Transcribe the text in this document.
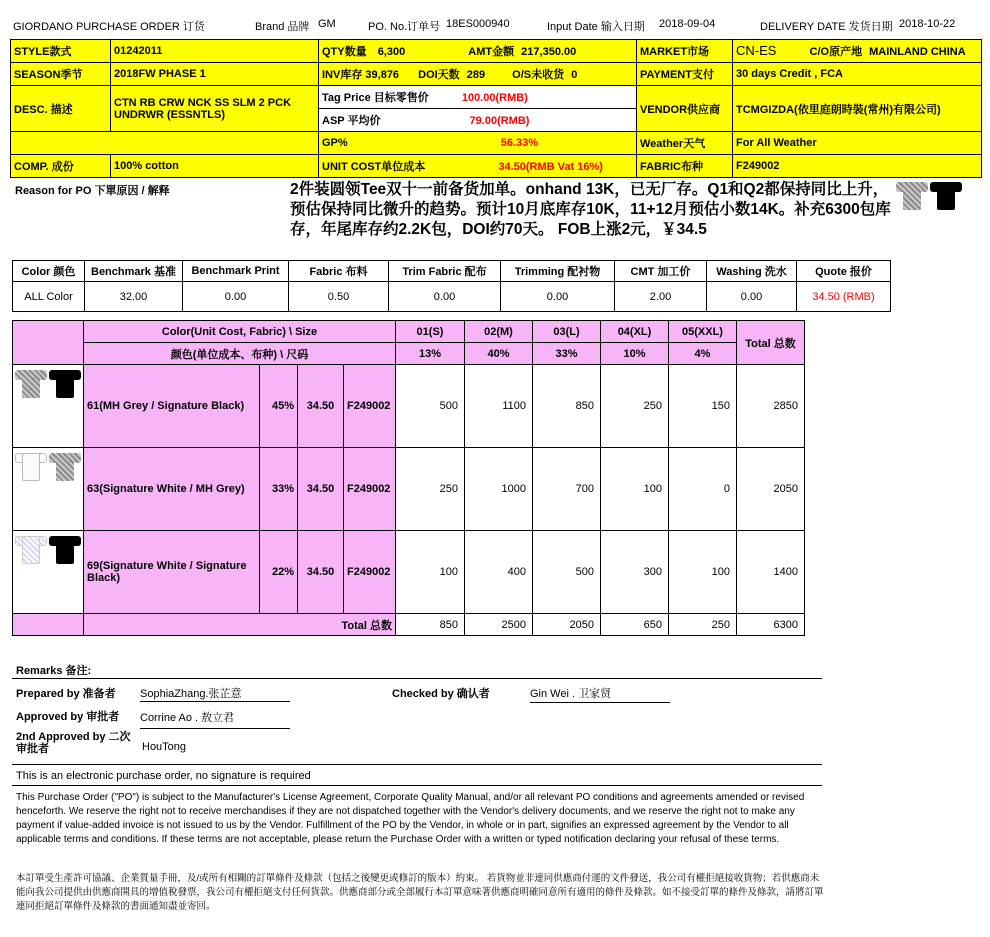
GIORDANO PURCHASE ORDER 订货	Brand 品牌 GM	PO. No.订单号 18ES000940	Input Date 输入日期 2018-09-04	DELIVERY DATE 发货日期 2018-10-22
STYLE款式	01242011	QTY数量 6,300 AMT金额 217,350.00	MARKET市场	CN-ES C/O原产地 MAINLAND CHINA
SEASON季节	2018FW PHASE 1	INV库存 39,876 DOI天数 289 O/S未收货 0	PAYMENT支付	30 days Credit , FCA
DESC. 描述	CTN RB CRW NCK SS SLM 2 PCK UNDRWR (ESSNTLS)	Tag Price 目标零售价 100.00(RMB)	VENDOR供应商	TCMGIZDA(依里庭朗時裝(常州)有限公司)
		ASP 平均价 79.00(RMB)		
		GP% 56.33%	Weather天气	For All Weather
COMP. 成份	100% cotton	UNIT COST单位成本 34.50(RMB Vat 16%)	FABRIC布种	F249002
Reason for PO 下單原因 / 解释	2件装圆领Tee双十一前备货加单。onhand 13K，已无厂存。Q1和Q2都保持同比上升，预估保持同比微升的趋势。预计10月底库存10K，11+12月预估小数14K。补充6300包库存，年尾库存约2.2K包，DOI约70天。 FOB上涨2元，￥34.5
Color 颜色	Benchmark 基准	Benchmark Print	Fabric 布料	Trim Fabric 配布	Trimming 配衬物	CMT 加工价	Washing 洗水	Quote 报价
ALL Color	32.00	0.00	0.50	0.00	0.00	2.00	0.00	34.50 (RMB)
	Color(Unit Cost, Fabric) \ Size				01(S)	02(M)	03(L)	04(XL)	05(XXL)	Total 总数
	颜色(单位成本、布种) \ 尺码				13%	40%	33%	10%	4%	

	61(MH Grey / Signature Black)	45%	34.50	F249002	500	1100	850	250	150	2850

	63(Signature White / MH Grey)	33%	34.50	F249002	250	1000	700	100	0	2050

	69(Signature White / Signature Black)	22%	34.50	F249002	100	400	500	300	100	1400
	Total 总数				850	2500	2050	650	250	6300
Remarks 备注:
Prepared by 准备者 SophiaZhang.张芷意	Checked by 确认者	Gin Wei . 卫家贤
Approved by 审批者 Corrine Ao . 敖立君
2nd Approved by 二次审批者	HouTong
This is an electronic purchase order, no signature is required
This Purchase Order ("PO") is subject to the Manufacturer's License Agreement, Corporate Quality Manual, and/or all relevant PO conditions and agreements amended or revised henceforth. We reserve the right not to receive merchandises if they are not dispatched together with the Vendor's delivery documents, and we reserve the right not to make any payment if value-added invoice is not issued to us by the Vendor. Fulfillment of the PO by the Vendor, in whole or in part, signifies an expressed agreement by the Vendor to all applicable terms and conditions. If these terms are not acceptable, please return the Purchase Order with a written or typed notification declaring your refusal of these terms.
本訂單受生產許可協議、企業質量手冊，及/或所有相關的訂單條件及條款（包括之後變更或修訂的版本）約束。 若貨物並非連同供應商付運的文件發送，我公司有權拒絕接收貨物；若供應商未能向我公司提供由供應商開具的增值稅發票，我公司有權拒絕支付任何貨款。供應商部分或全部履行本訂單意味著供應商明確同意所有適用的條件及條款。如不接受訂單的條件及條款，請將訂單連同拒絕訂單條件及條款的書面通知盡並寄回。
